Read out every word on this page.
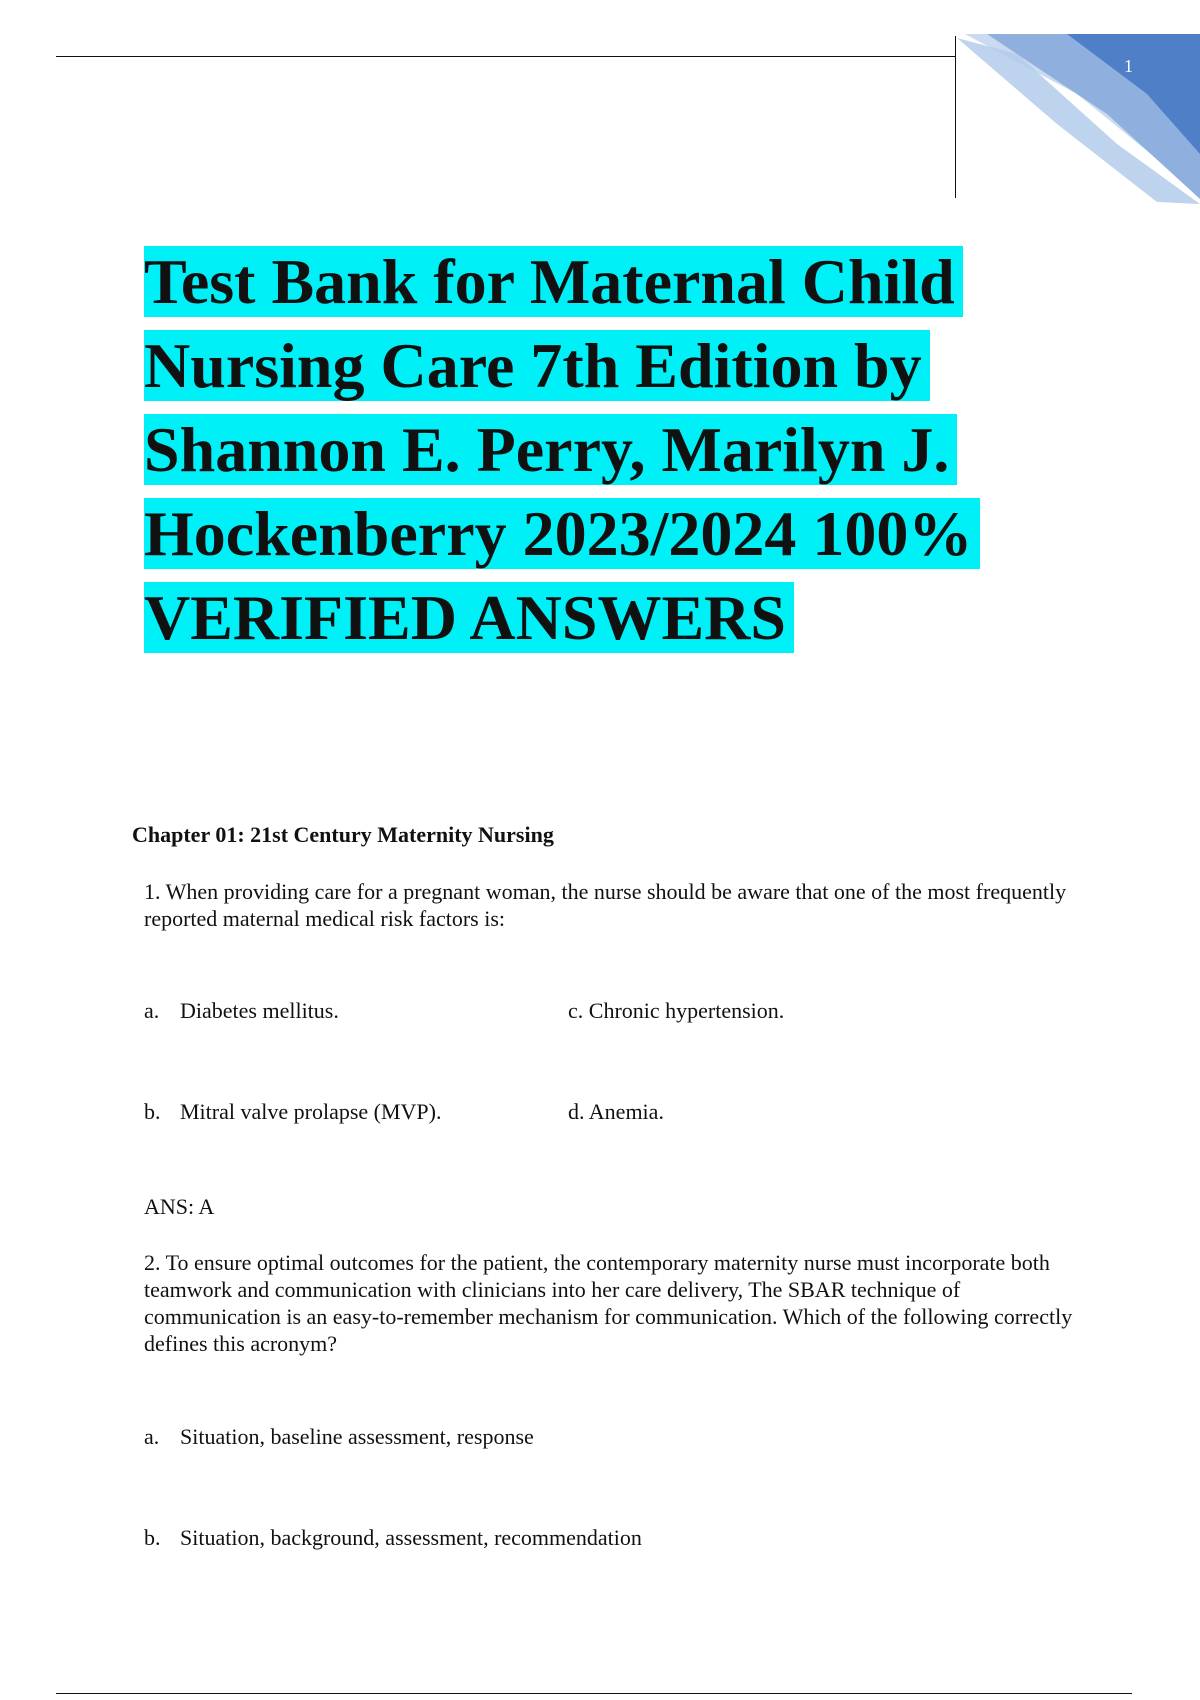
1
Test Bank for Maternal Child Nursing Care 7th Edition by Shannon E. Perry, Marilyn J. Hockenberry 2023/2024 100% VERIFIED ANSWERS
Chapter 01: 21st Century Maternity Nursing

1. When providing care for a pregnant woman, the nurse should be aware that one of the most frequently reported maternal medical risk factors is:

a. Diabetes mellitus.	c. Chronic hypertension.
b. Mitral valve prolapse (MVP).	d. Anemia.
ANS: A

2. To ensure optimal outcomes for the patient, the contemporary maternity nurse must incorporate both teamwork and communication with clinicians into her care delivery, The SBAR technique of communication is an easy-to-remember mechanism for communication. Which of the following correctly defines this acronym?

a. Situation, baseline assessment, response
b. Situation, background, assessment, recommendation
